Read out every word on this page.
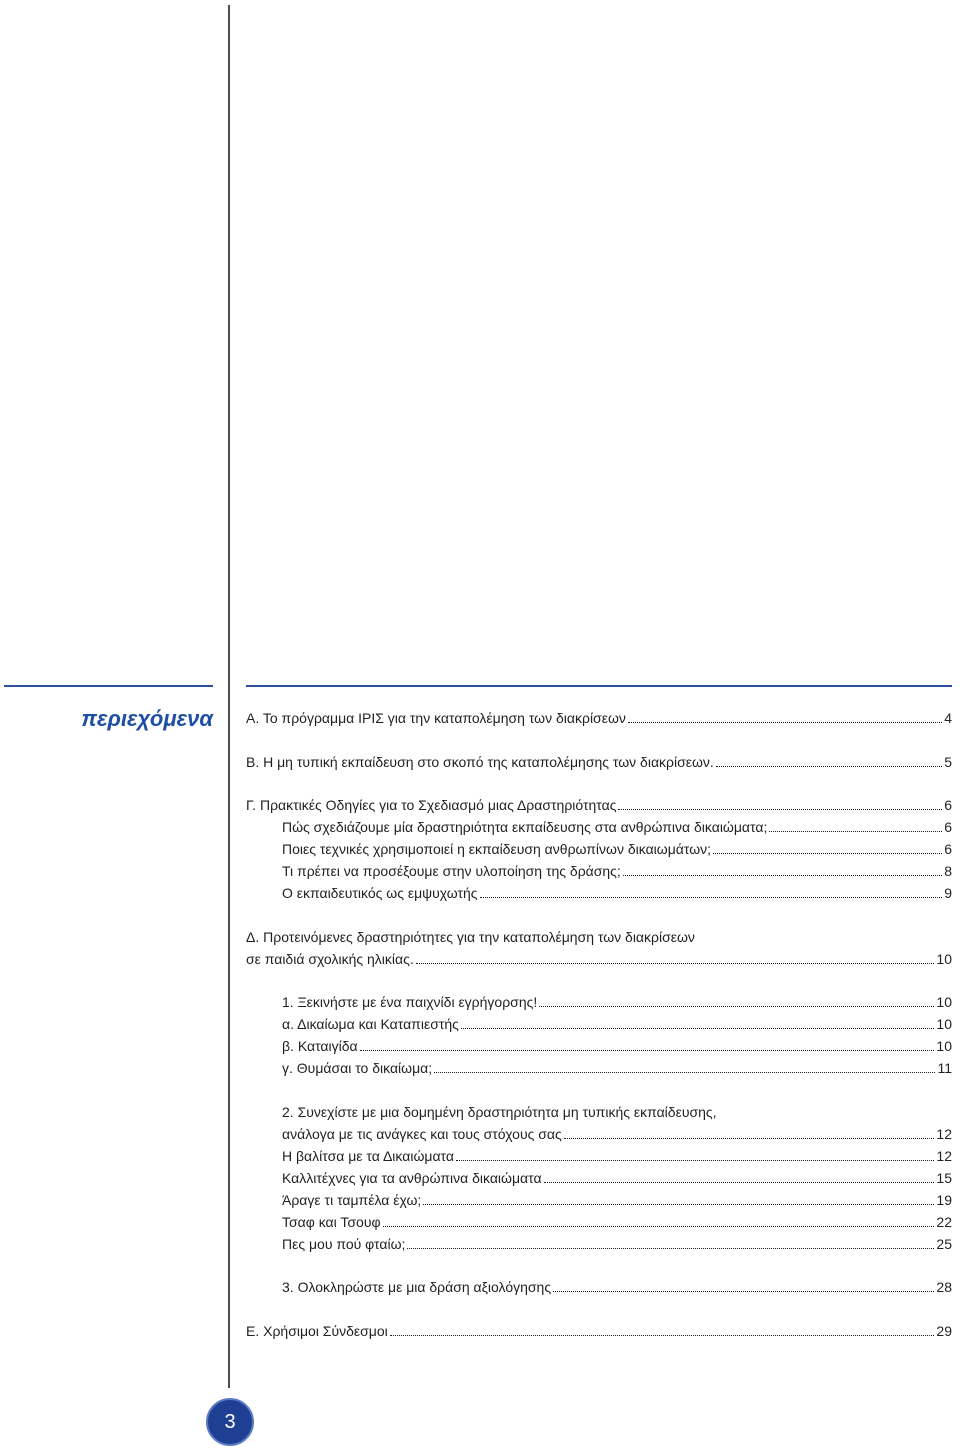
περιεχόμενα Α. Το πρόγραμμα ΙΡΙΣ για την καταπολέμηση των διακρίσεων	4
Β. Η μη τυπική εκπαίδευση στο σκοπό της καταπολέμησης των διακρίσεων.	5
Γ. Πρακτικές Οδηγίες για το Σχεδιασμό μιας Δραστηριότητας	6
Πώς σχεδιάζουμε μία δραστηριότητα εκπαίδευσης στα ανθρώπινα δικαιώματα;	6
Ποιες τεχνικές χρησιμοποιεί η εκπαίδευση ανθρωπίνων δικαιωμάτων;	6
Τι πρέπει να προσέξουμε στην υλοποίηση της δράσης;	8
Ο εκπαιδευτικός ως εμψυχωτής	9
Δ. Προτεινόμενες δραστηριότητες για την καταπολέμηση των διακρίσεων
σε παιδιά σχολικής ηλικίας.	10
1. Ξεκινήστε με ένα παιχνίδι εγρήγορσης!	10
α. Δικαίωμα και Καταπιεστής	10
β. Καταιγίδα	10
γ. Θυμάσαι το δικαίωμα;	11
2. Συνεχίστε με μια δομημένη δραστηριότητα μη τυπικής εκπαίδευσης,
ανάλογα με τις ανάγκες και τους στόχους σας	12
Η βαλίτσα με τα Δικαιώματα	12
Καλλιτέχνες για τα ανθρώπινα δικαιώματα	15
Άραγε τι ταμπέλα έχω;	19
Τσαφ και Τσουφ	22
Πες μου πού φταίω;	25
3. Ολοκληρώστε με μια δράση αξιολόγησης	28
Ε. Χρήσιμοι Σύνδεσμοι	29
3
